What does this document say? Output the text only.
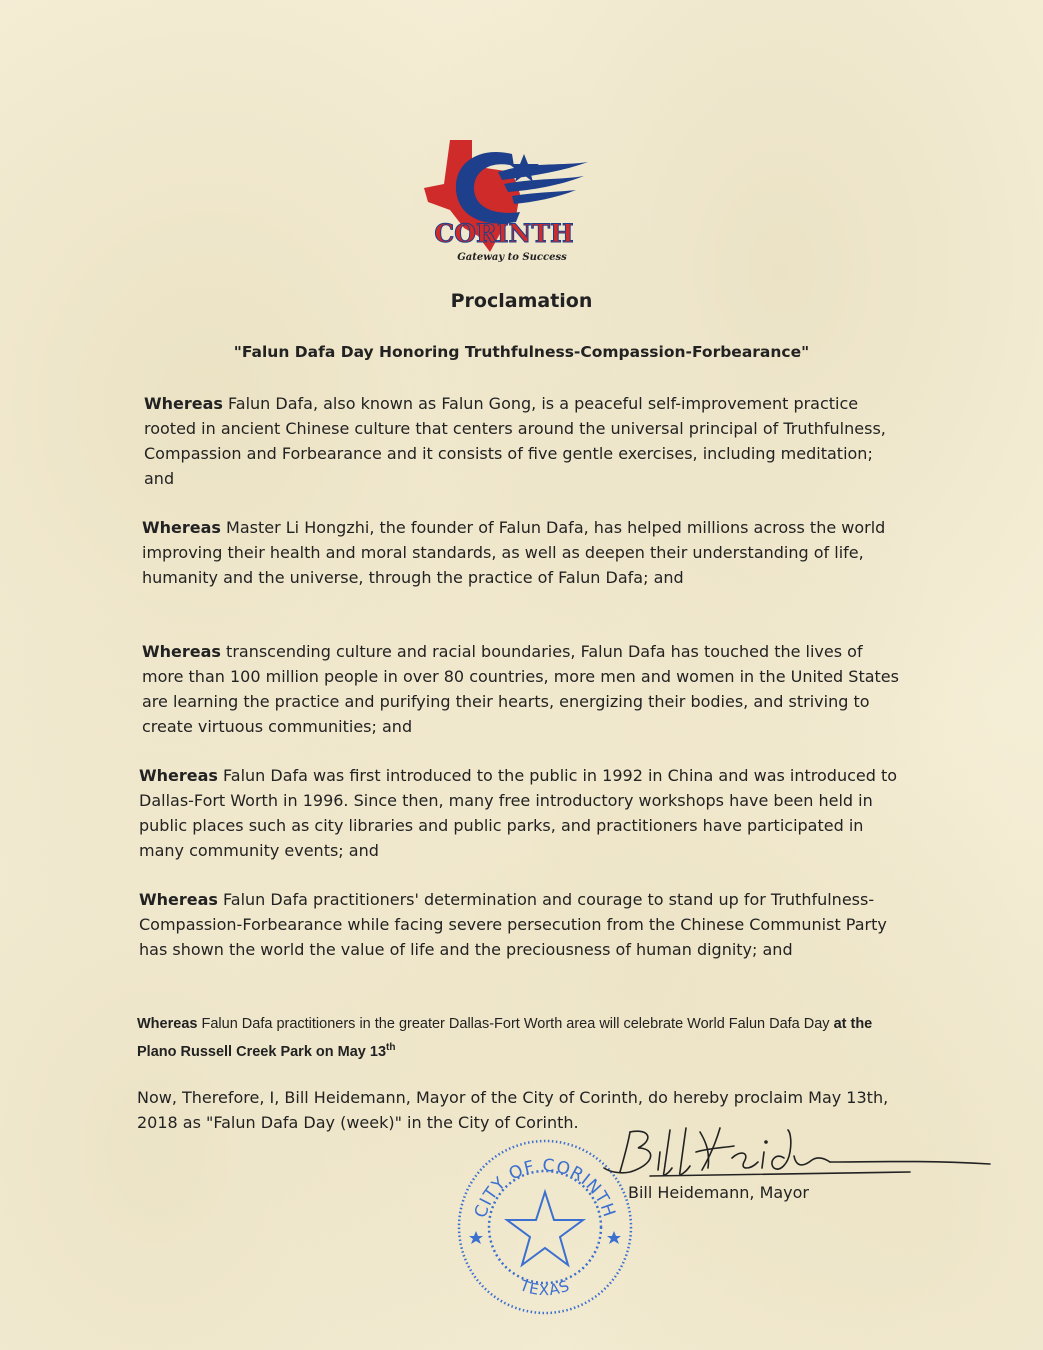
CORINTH
Gateway to Success
Proclamation
"Falun Dafa Day Honoring Truthfulness-Compassion-Forbearance"

Whereas Falun Dafa, also known as Falun Gong, is a peaceful self-improvement practice rooted in ancient Chinese culture that centers around the universal principal of Truthfulness, Compassion and Forbearance and it consists of five gentle exercises, including meditation; and

Whereas Master Li Hongzhi, the founder of Falun Dafa, has helped millions across the world improving their health and moral standards, as well as deepen their understanding of life, humanity and the universe, through the practice of Falun Dafa; and

Whereas transcending culture and racial boundaries, Falun Dafa has touched the lives of more than 100 million people in over 80 countries, more men and women in the United States are learning the practice and purifying their hearts, energizing their bodies, and striving to create virtuous communities; and

Whereas Falun Dafa was first introduced to the public in 1992 in China and was introduced to Dallas-Fort Worth in 1996. Since then, many free introductory workshops have been held in public places such as city libraries and public parks, and practitioners have participated in many community events; and

Whereas Falun Dafa practitioners' determination and courage to stand up for Truthfulness-Compassion-Forbearance while facing severe persecution from the Chinese Communist Party has shown the world the value of life and the preciousness of human dignity; and

Whereas Falun Dafa practitioners in the greater Dallas-Fort Worth area will celebrate World Falun Dafa Day at the Plano Russell Creek Park on May 13th

Now, Therefore, I, Bill Heidemann, Mayor of the City of Corinth, do hereby proclaim May 13th, 2018 as "Falun Dafa Day (week)" in the City of Corinth.

CITY OF CORINTH
TEXAS
Bill Heidemann, Mayor
